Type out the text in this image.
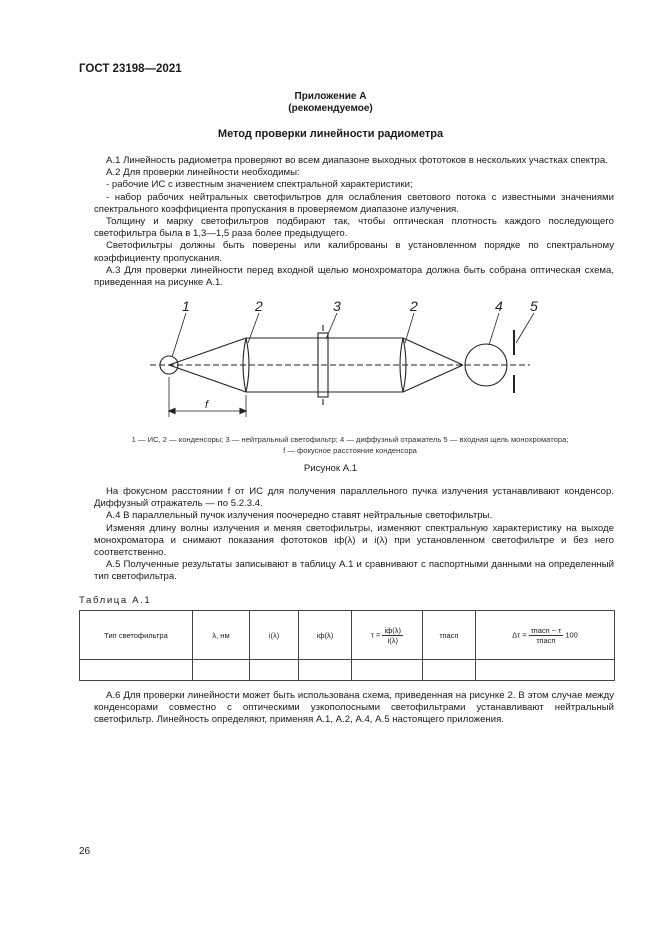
ГОСТ 23198—2021
Приложение А
(рекомендуемое)
Метод проверки линейности радиометра

А.1 Линейность радиометра проверяют во всем диапазоне выходных фототоков в нескольких участках спектра.

А.2 Для проверки линейности необходимы:

- рабочие ИС с известным значением спектральной характеристики;

- набор рабочих нейтральных светофильтров для ослабления светового потока с известными значениями спектрального коэффициента пропускания в проверяемом диапазоне излучения.

Толщину и марку светофильтров подбирают так, чтобы оптическая плотность каждого последующего светофильтра была в 1,3—1,5 раза более предыдущего.

Светофильтры должны быть поверены или калиброваны в установленном порядке по спектральному коэффициенту пропускания.

А.3 Для проверки линейности перед входной щелью монохроматора должна быть собрана оптическая схема, приведенная на рисунке А.1.

1	2	3	2	4 5
f
1 — ИС, 2 — конденсоры; 3 — нейтральный светофильтр; 4 — диффузный отражатель 5 — входная щель монохроматора;
f — фокусное расстояние конденсора
Рисунок А.1

На фокусном расстоянии f от ИС для получения параллельного пучка излучения устанавливают конденсор. Диффузный отражатель — по 5.2.3.4.

А.4 В параллельный пучок излучения поочередно ставят нейтральные светофильтры.

Изменяя длину волны излучения и меняя светофильтры, изменяют спектральную характеристику на выходе монохроматора и снимают показания фототоков iф(λ) и i(λ) при установленном светофильтре и без него соответственно.

А.5 Полученные результаты записывают в таблицу А.1 и сравнивают с паспортными данными на определенный тип светофильтра.

Таблица А.1
Тип светофильтра	λ, нм	i(λ)	iф(λ)	$\tau = \frac{iф(\lambda)}{i(\lambda)}$	τпасп	$\Delta\tau = \frac{\text{τпасп − τ}}{\text{τпасп}} 100$

А.6 Для проверки линейности может быть использована схема, приведенная на рисунке 2. В этом случае между конденсорами совместно с оптическими узкополосными светофильтрами устанавливают нейтральный светофильтр. Линейность определяют, применяя А.1, А.2, А.4, А.5 настоящего приложения.

26
